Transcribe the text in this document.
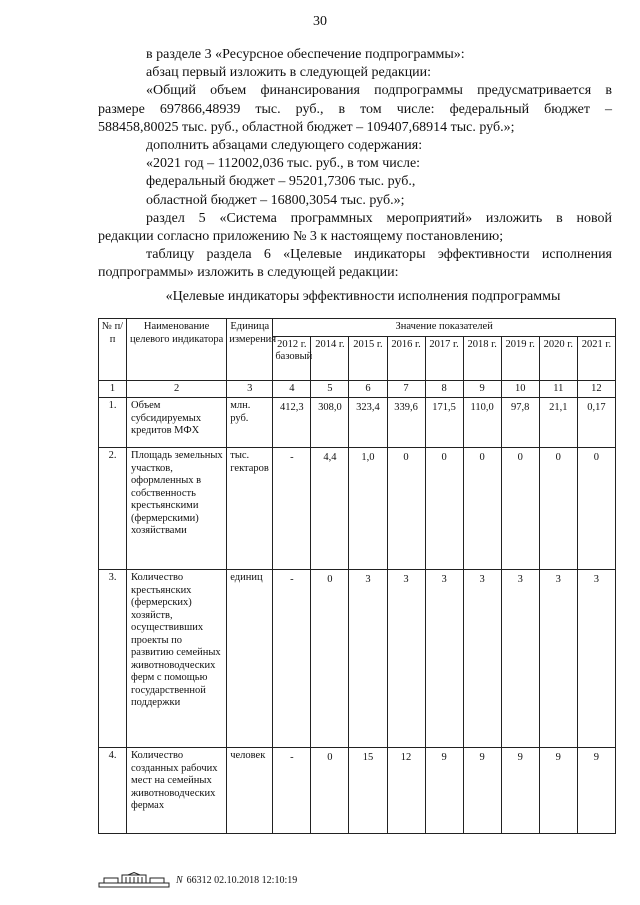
30

в разделе 3 «Ресурсное обеспечение подпрограммы»:

абзац первый изложить в следующей редакции:

«Общий объем финансирования подпрограммы предусматривается в

размере 697866,48939 тыс. руб., в том числе: федеральный бюджет –

588458,80025 тыс. руб., областной бюджет – 109407,68914 тыс. руб.»;

дополнить абзацами следующего содержания:

«2021 год – 112002,036 тыс. руб., в том числе:

федеральный бюджет – 95201,7306 тыс. руб.,

областной бюджет – 16800,3054 тыс. руб.»;

раздел 5 «Система программных мероприятий» изложить в новой

редакции согласно приложению № 3 к настоящему постановлению;

таблицу раздела 6 «Целевые индикаторы эффективности исполнения

подпрограммы» изложить в следующей редакции:

«Целевые индикаторы эффективности исполнения подпрограммы
№ п/п	Наименование целевого индикатора	Единица измерения	Значение показателей								
			2012 г. базовый	2014 г.	2015 г.	2016 г.	2017 г.	2018 г.	2019 г.	2020 г.	2021 г.
1	2	3	4	5	6	7	8	9	10	11	12
1.	Объем субсидируемых кредитов МФХ	млн. руб.	412,3	308,0	323,4	339,6	171,5	110,0	97,8	21,1	0,17
2.	Площадь земельных участков, оформленных в собственность крестьянскими (фермерскими) хозяйствами	тыс. гектаров	-	4,4	1,0	0	0	0	0	0	0
3.	Количество крестьянских (фермерских) хозяйств, осуществивших проекты по развитию семейных животноводческих ферм с помощью государственной поддержки	единиц	-	0	3	3	3	3	3	3	3
4.	Количество созданных рабочих мест на семейных животноводческих фермах	человек	-	0	15	12	9	9	9	9	9
N 66312 02.10.2018 12:10:19
